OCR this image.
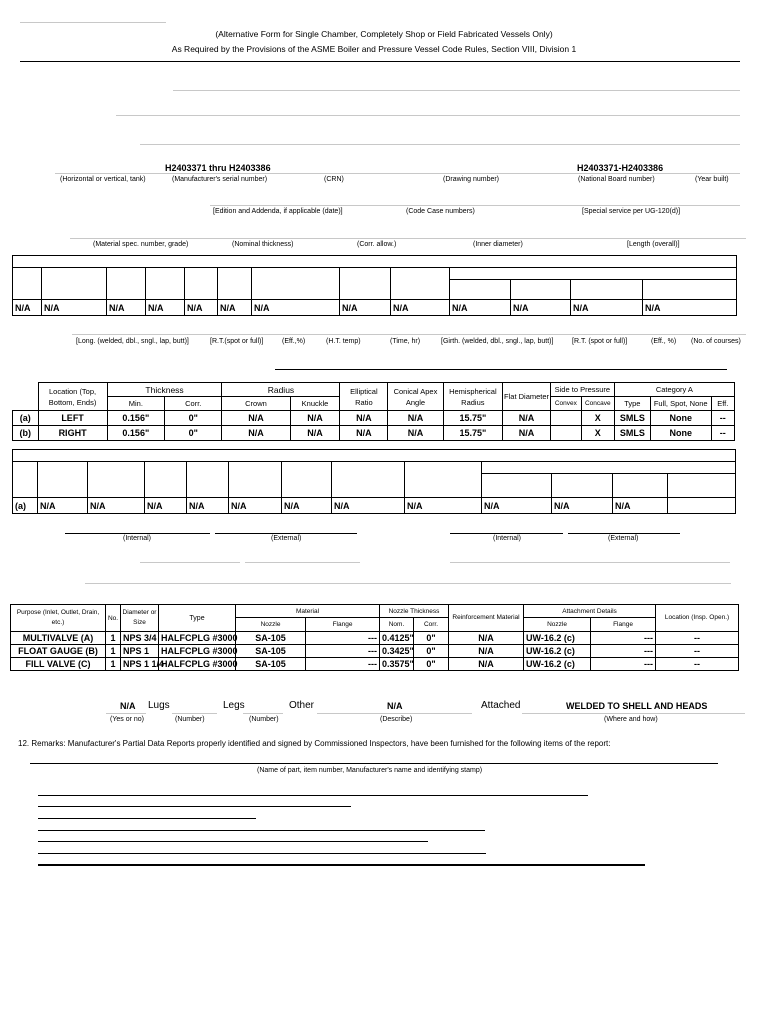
(Alternative Form for Single Chamber, Completely Shop or Field Fabricated Vessels Only)
As Required by the Provisions of the ASME Boiler and Pressure Vessel Code Rules, Section VIII, Division 1
H2403371 thru H2403386	H2403371-H2403386
(Horizontal or vertical, tank)	(Manufacturer's serial number)	(CRN)	(Drawing number)	(National Board number)	(Year built)
[Edition and Addenda, if applicable (date)]	(Code Case numbers)	[Special service per UG-120(d)]
(Material spec. number, grade)	(Nominal thickness)	(Corr. allow.)	(Inner diameter)	[Length (overall)]

N/A	N/A	N/A	N/A	N/A	N/A	N/A	N/A	N/A	N/A	N/A	N/A	N/A
[Long. (welded, dbl., sngl., lap, butt)]	[R.T.(spot or full)]	(Eff.,%)	(H.T. temp)	(Time, hr)	[Girth. (welded, dbl., sngl., lap, butt)]	[R.T. (spot or full)]	(Eff., %) (No. of courses)
	Location (Top, Bottom, Ends)	Thickness		Radius		Elliptical Ratio	Conical Apex Angle	Hemispherical Radius	Flat Diameter	Side to Pressure		Category A		
		Min.	Corr.	Crown	Knuckle					Convex	Concave	Type	Full, Spot, None	Eff.
(a)	LEFT	0.156"	0"	N/A	N/A	N/A	N/A	15.75"	N/A		X	SMLS	None	--
(b)	RIGHT	0.156"	0"	N/A	N/A	N/A	N/A	15.75"	N/A		X	SMLS	None	--

(a)	N/A	N/A	N/A	N/A	N/A	N/A	N/A	N/A	N/A	N/A	N/A	
(Internal)	(External)	(Internal)	(External)
Purpose (Inlet, Outlet, Drain, etc.)	No.	Diameter or Size	Type	Material		Nozzle Thickness		Reinforcement Material	Attachment Details		Location (Insp. Open.)
				Nozzle	Flange	Nom.	Corr.		Nozzle	Flange	
MULTIVALVE (A)	1	NPS 3/4	HALFCPLG #3000	SA-105	---	0.4125"	0"	N/A	UW-16.2 (c)	---	--
FLOAT GAUGE (B)	1	NPS 1	HALFCPLG #3000	SA-105	---	0.3425"	0"	N/A	UW-16.2 (c)	---	--
FILL VALVE (C)	1	NPS 1 1/4	HALFCPLG #3000	SA-105	---	0.3575"	0"	N/A	UW-16.2 (c)	---	--
N/A Lugs	Legs	Other	N/A	Attached	WELDED TO SHELL AND HEADS
(Yes or no)	(Number)	(Number)	(Describe)	(Where and how)
12. Remarks: Manufacturer's Partial Data Reports properly identified and signed by Commissioned Inspectors, have been furnished for the following items of the report:
(Name of part, item number, Manufacturer's name and identifying stamp)
